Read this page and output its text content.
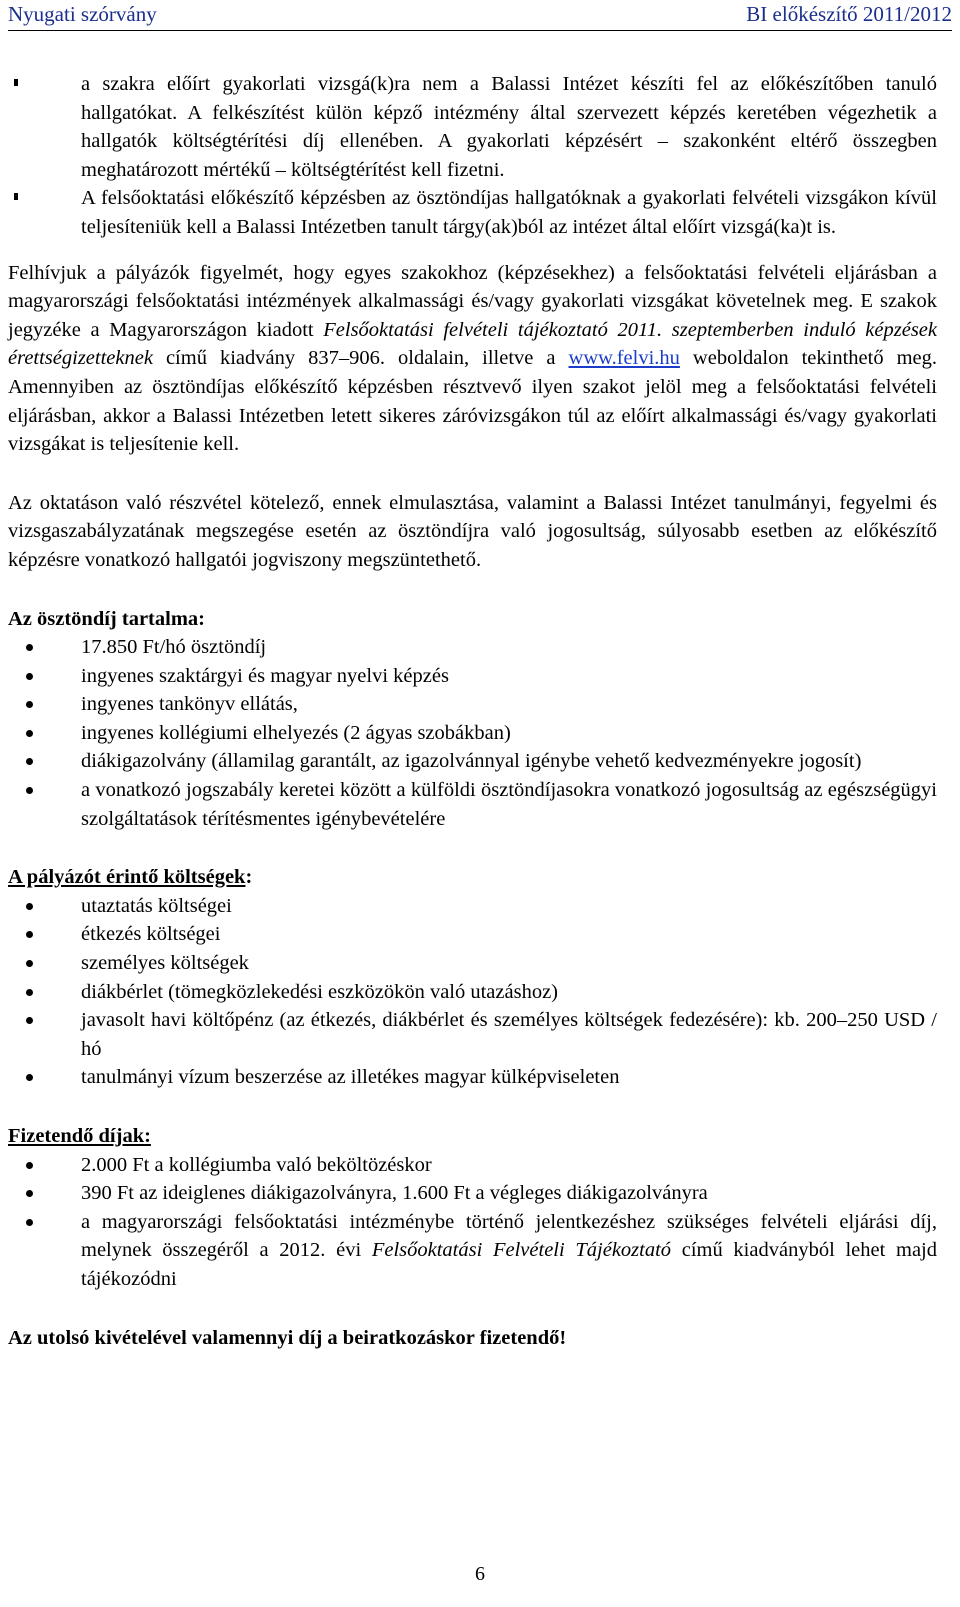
Nyugati szórvány	BI előkészítő 2011/2012
a szakra előírt gyakorlati vizsgá(k)ra nem a Balassi Intézet készíti fel az előkészítőben tanuló hallgatókat. A felkészítést külön képző intézmény által szervezett képzés keretében végezhetik a hallgatók költségtérítési díj ellenében. A gyakorlati képzésért – szakonként eltérő összegben meghatározott mértékű – költségtérítést kell fizetni.
A felsőoktatási előkészítő képzésben az ösztöndíjas hallgatóknak a gyakorlati felvételi vizsgákon kívül teljesíteniük kell a Balassi Intézetben tanult tárgy(ak)ból az intézet által előírt vizsgá(ka)t is.

Felhívjuk a pályázók figyelmét, hogy egyes szakokhoz (képzésekhez) a felsőoktatási felvételi eljárásban a magyarországi felsőoktatási intézmények alkalmassági és/vagy gyakorlati vizsgákat követelnek meg. E szakok jegyzéke a Magyarországon kiadott Felsőoktatási felvételi tájékoztató 2011. szeptemberben induló képzések érettségizetteknek című kiadvány 837–906. oldalain, illetve a www.felvi.hu weboldalon tekinthető meg. Amennyiben az ösztöndíjas előkészítő képzésben résztvevő ilyen szakot jelöl meg a felsőoktatási felvételi eljárásban, akkor a Balassi Intézetben letett sikeres záróvizsgákon túl az előírt alkalmassági és/vagy gyakorlati vizsgákat is teljesítenie kell.

Az oktatáson való részvétel kötelező, ennek elmulasztása, valamint a Balassi Intézet tanulmányi, fegyelmi és vizsgaszabályzatának megszegése esetén az ösztöndíjra való jogosultság, súlyosabb esetben az előkészítő képzésre vonatkozó hallgatói jogviszony megszüntethető.

Az ösztöndíj tartalma:
17.850 Ft/hó ösztöndíj
ingyenes szaktárgyi és magyar nyelvi képzés
ingyenes tankönyv ellátás,
ingyenes kollégiumi elhelyezés (2 ágyas szobákban)
diákigazolvány (államilag garantált, az igazolvánnyal igénybe vehető kedvezményekre jogosít)
a vonatkozó jogszabály keretei között a külföldi ösztöndíjasokra vonatkozó jogosultság az egészségügyi szolgáltatások térítésmentes igénybevételére
A pályázót érintő költségek:
utaztatás költségei
étkezés költségei
személyes költségek
diákbérlet (tömegközlekedési eszközökön való utazáshoz)
javasolt havi költőpénz (az étkezés, diákbérlet és személyes költségek fedezésére): kb. 200–250 USD / hó
tanulmányi vízum beszerzése az illetékes magyar külképviseleten
Fizetendő díjak:
2.000 Ft a kollégiumba való beköltözéskor
390 Ft az ideiglenes diákigazolványra, 1.600 Ft a végleges diákigazolványra
a magyarországi felsőoktatási intézménybe történő jelentkezéshez szükséges felvételi eljárási díj, melynek összegéről a 2012. évi Felsőoktatási Felvételi Tájékoztató című kiadványból lehet majd tájékozódni
Az utolsó kivételével valamennyi díj a beiratkozáskor fizetendő!
6
